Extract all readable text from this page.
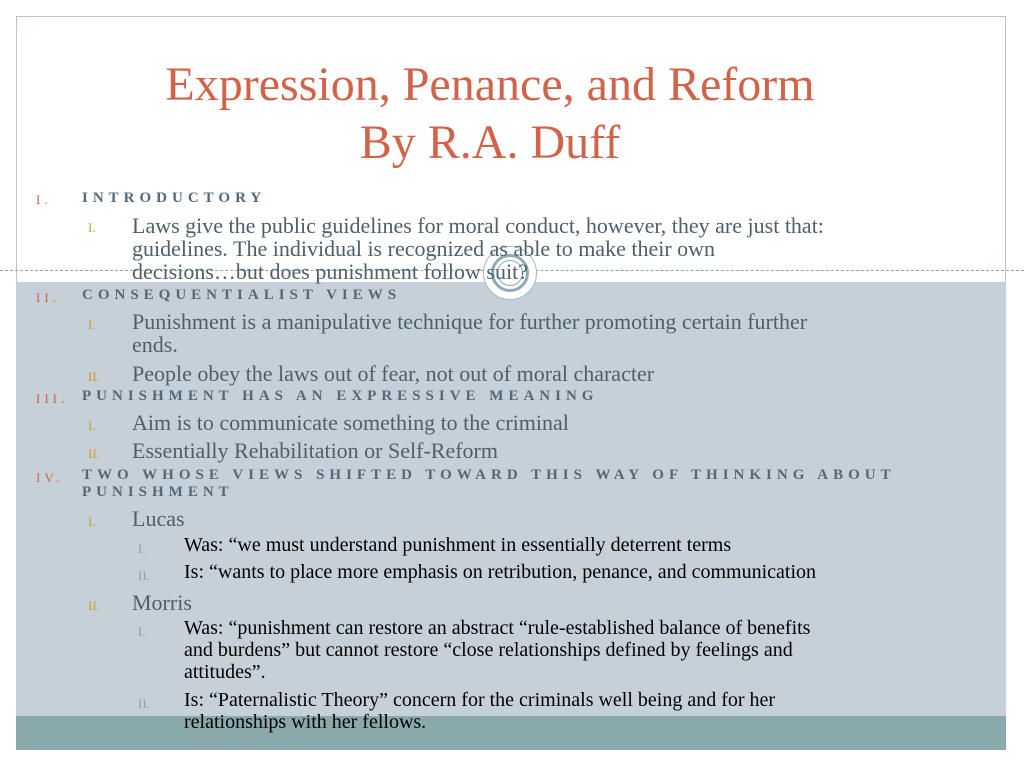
Expression, Penance, and Reform
By R.A. Duff
I. INTRODUCTORY
I. Laws give the public guidelines for moral conduct, however, they are just that:
guidelines. The individual is recognized as able to make their own
decisions…but does punishment follow suit?
II. CONSEQUENTIALIST VIEWS
I. Punishment is a manipulative technique for further promoting certain further
ends.
II. People obey the laws out of fear, not out of moral character
III. PUNISHMENT HAS AN EXPRESSIVE MEANING
I. Aim is to communicate something to the criminal
II. Essentially Rehabilitation or Self-Reform
IV. TWO WHOSE VIEWS SHIFTED TOWARD THIS WAY OF THINKING ABOUT
PUNISHMENT
I. Lucas
I. Was: “we must understand punishment in essentially deterrent terms
II. Is: “wants to place more emphasis on retribution, penance, and communication
II. Morris
I. Was: “punishment can restore an abstract “rule-established balance of benefits
and burdens” but cannot restore “close relationships defined by feelings and
attitudes”.
II. Is: “Paternalistic Theory” concern for the criminals well being and for her
relationships with her fellows.
